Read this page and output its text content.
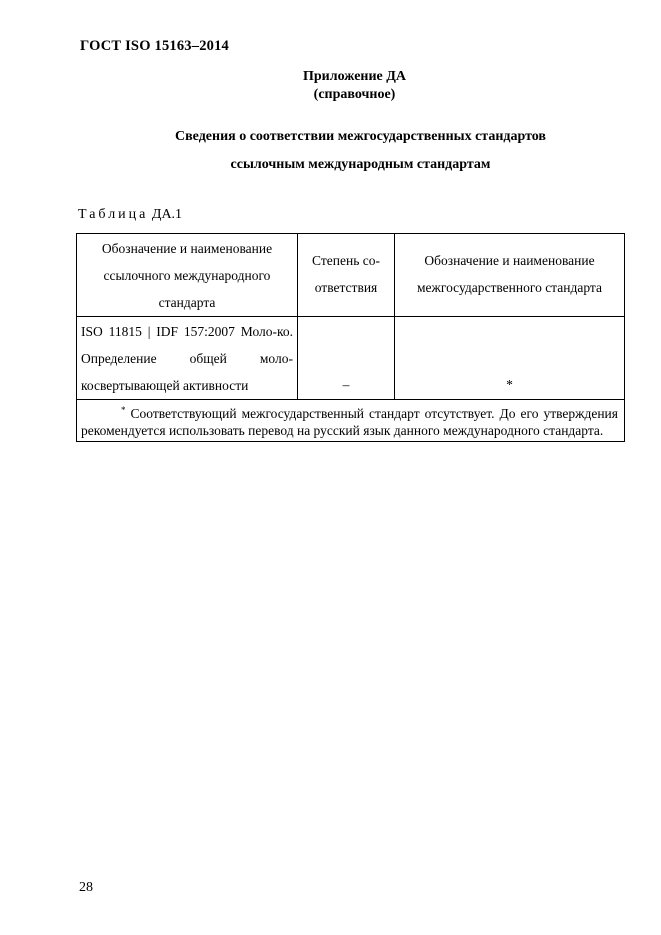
ГОСТ ISO 15163–2014
Приложение ДА
(справочное)
Сведения о соответствии межгосударственных стандартов
ссылочным международным стандартам
Таблица ДА.1
Обозначение и наименование ссылочного международного стандарта	Степень со-ответствия	Обозначение и наименование межгосударственного стандарта

ISO 11815 | IDF 157:2007 Моло-ко. Определение общей моло-косвертывающей активности	–	*

* Соответствующий межгосударственный стандарт отсутствует. До его утверждения рекомендуется использовать перевод на русский язык данного международного стандарта.		
28
